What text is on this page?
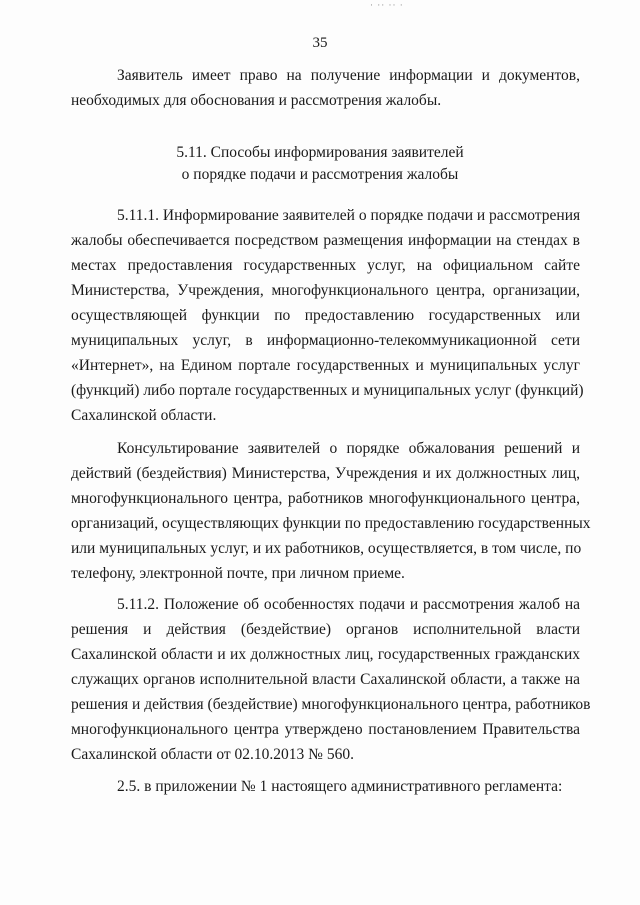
· ·· ·· ·
35
Заявитель имеет право на получение информации и документов,
необходимых для обоснования и рассмотрения жалобы.
5.11. Способы информирования заявителей
о порядке подачи и рассмотрения жалобы
5.11.1. Информирование заявителей о порядке подачи и рассмотрения
жалобы обеспечивается посредством размещения информации на стендах в
местах предоставления государственных услуг, на официальном сайте
Министерства, Учреждения, многофункционального центра, организации,
осуществляющей функции по предоставлению государственных или
муниципальных услуг, в информационно-телекоммуникационной сети
«Интернет», на Едином портале государственных и муниципальных услуг
(функций) либо портале государственных и муниципальных услуг (функций)
Сахалинской области.
Консультирование заявителей о порядке обжалования решений и
действий (бездействия) Министерства, Учреждения и их должностных лиц,
многофункционального центра, работников многофункционального центра,
организаций, осуществляющих функции по предоставлению государственных
или муниципальных услуг, и их работников, осуществляется, в том числе, по
телефону, электронной почте, при личном приеме.
5.11.2. Положение об особенностях подачи и рассмотрения жалоб на
решения и действия (бездействие) органов исполнительной власти
Сахалинской области и их должностных лиц, государственных гражданских
служащих органов исполнительной власти Сахалинской области, а также на
решения и действия (бездействие) многофункционального центра, работников
многофункционального центра утверждено постановлением Правительства
Сахалинской области от 02.10.2013 № 560.
2.5. в приложении № 1 настоящего административного регламента:
